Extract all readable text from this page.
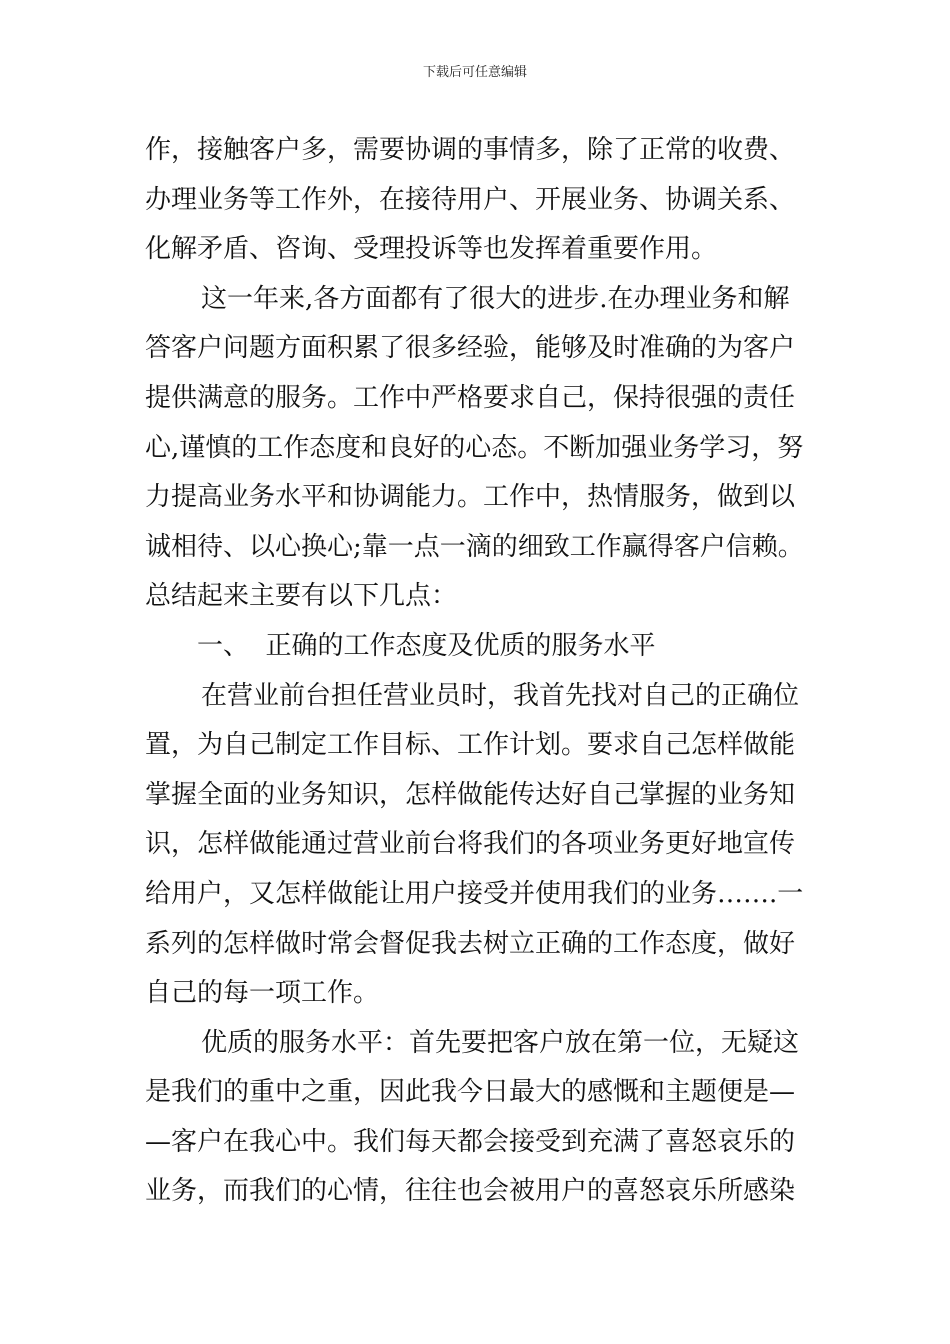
下载后可任意编辑
作，接触客户多，需要协调的事情多，除了正常的收费、
办理业务等工作外，在接待用户、开展业务、协调关系、
化解矛盾、咨询、受理投诉等也发挥着重要作用。
这一年来,各方面都有了很大的进步.在办理业务和解
答客户问题方面积累了很多经验，能够及时准确的为客户
提供满意的服务。工作中严格要求自己，保持很强的责任
心,谨慎的工作态度和良好的心态。不断加强业务学习，努
力提高业务水平和协调能力。工作中，热情服务，做到以
诚相待、以心换心;靠一点一滴的细致工作赢得客户信赖。
总结起来主要有以下几点：
一、  正确的工作态度及优质的服务水平
在营业前台担任营业员时，我首先找对自己的正确位
置，为自己制定工作目标、工作计划。要求自己怎样做能
掌握全面的业务知识，怎样做能传达好自己掌握的业务知
识，怎样做能通过营业前台将我们的各项业务更好地宣传
给用户，又怎样做能让用户接受并使用我们的业务…….一
系列的怎样做时常会督促我去树立正确的工作态度，做好
自己的每一项工作。
优质的服务水平：首先要把客户放在第一位，无疑这
是我们的重中之重，因此我今日最大的感慨和主题便是—
—客户在我心中。我们每天都会接受到充满了喜怒哀乐的
业务，而我们的心情，往往也会被用户的喜怒哀乐所感染
